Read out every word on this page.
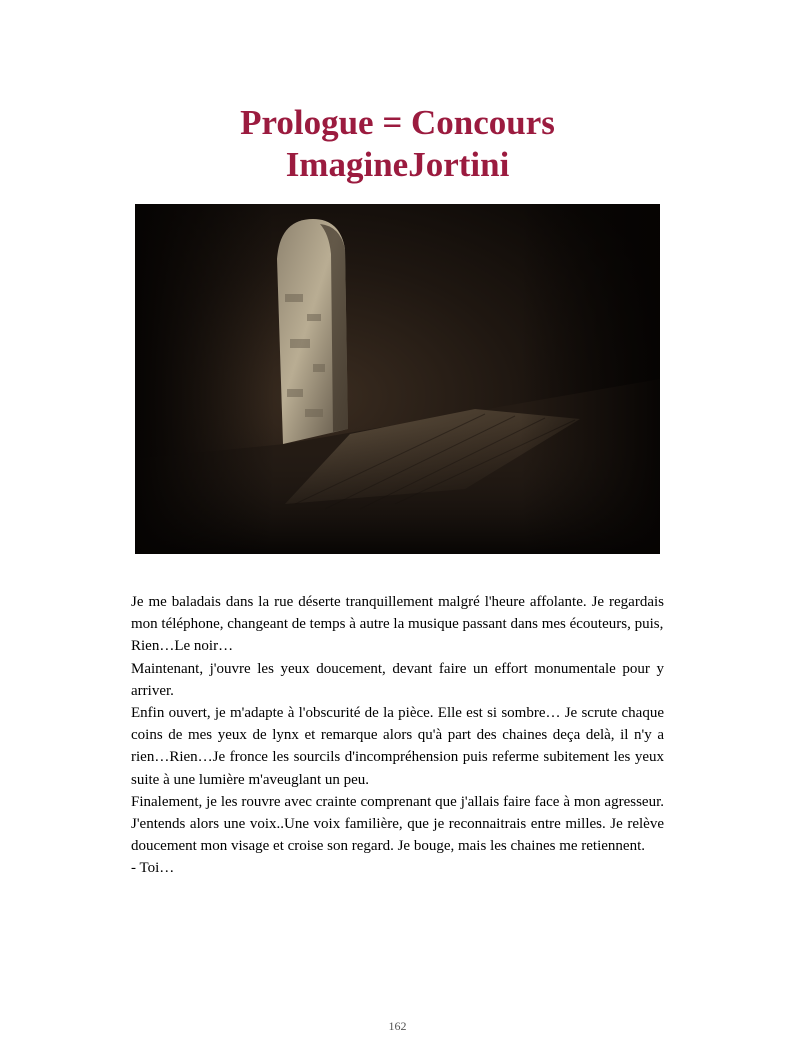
Prologue = Concours
ImagineJortini

Je me baladais dans la rue déserte tranquillement malgré l'heure affolante. Je regardais mon téléphone, changeant de temps à autre la musique passant dans mes écouteurs, puis,

Rien…Le noir…

Maintenant, j'ouvre les yeux doucement, devant faire un effort monumentale pour y arriver.

Enfin ouvert, je m'adapte à l'obscurité de la pièce. Elle est si sombre… Je scrute chaque coins de mes yeux de lynx et remarque alors qu'à part des chaines deça delà, il n'y a rien…Rien…Je fronce les sourcils d'incompréhension puis referme subitement les yeux suite à une lumière m'aveuglant un peu.

Finalement, je les rouvre avec crainte comprenant que j'allais faire face à mon agresseur. J'entends alors une voix..Une voix familière, que je reconnaitrais entre milles. Je relève doucement mon visage et croise son regard. Je bouge, mais les chaines me retiennent.

- Toi…

162
